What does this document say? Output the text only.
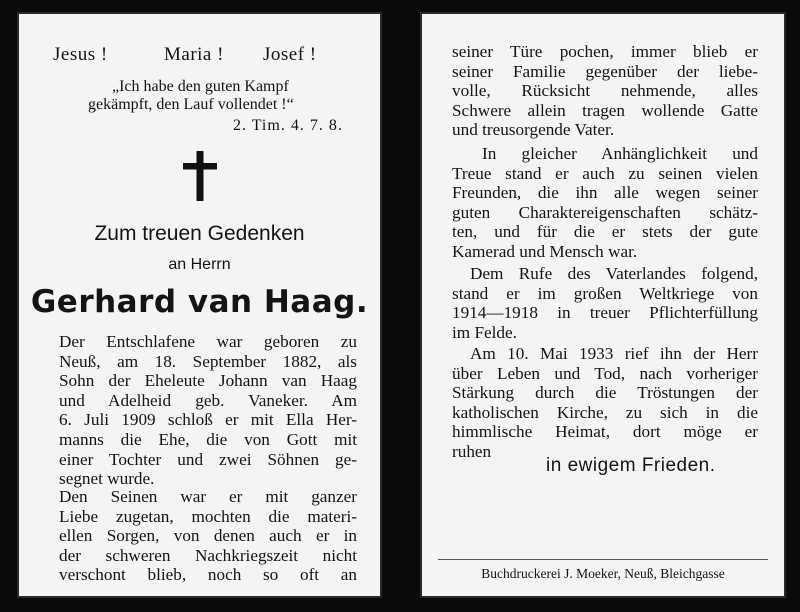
Jesus !	Maria ! Josef !
„Ich habe den guten Kampf
gekämpft, den Lauf vollendet !“
2. Tim. 4. 7. 8.
Zum treuen Gedenken
an Herrn
Gerhard van Haag.
Der Entschlafene war geboren zu
Neuß, am 18. September 1882, als
Sohn der Eheleute Johann van Haag
und Adelheid geb. Vaneker. Am
6. Juli 1909 schloß er mit Ella Her-
manns die Ehe, die von Gott mit
einer Tochter und zwei Söhnen ge-
segnet wurde.
Den Seinen war er mit ganzer
Liebe zugetan, mochten die materi-
ellen Sorgen, von denen auch er in
der schweren Nachkriegszeit nicht
verschont blieb, noch so oft an
seiner Türe pochen, immer blieb er
seiner Familie gegenüber der liebe-
volle, Rücksicht nehmende, alles
Schwere allein tragen wollende Gatte
und treusorgende Vater.
In gleicher Anhänglichkeit und
Treue stand er auch zu seinen vielen
Freunden, die ihn alle wegen seiner
guten Charaktereigenschaften schätz-
ten, und für die er stets der gute
Kamerad und Mensch war.
Dem Rufe des Vaterlandes folgend,
stand er im großen Weltkriege von
1914—1918 in treuer Pflichterfüllung
im Felde.
Am 10. Mai 1933 rief ihn der Herr
über Leben und Tod, nach vorheriger
Stärkung durch die Tröstungen der
katholischen Kirche, zu sich in die
himmlische Heimat, dort möge er
ruhen
in ewigem Frieden.
Buchdruckerei J. Moeker, Neuß, Bleichgasse
